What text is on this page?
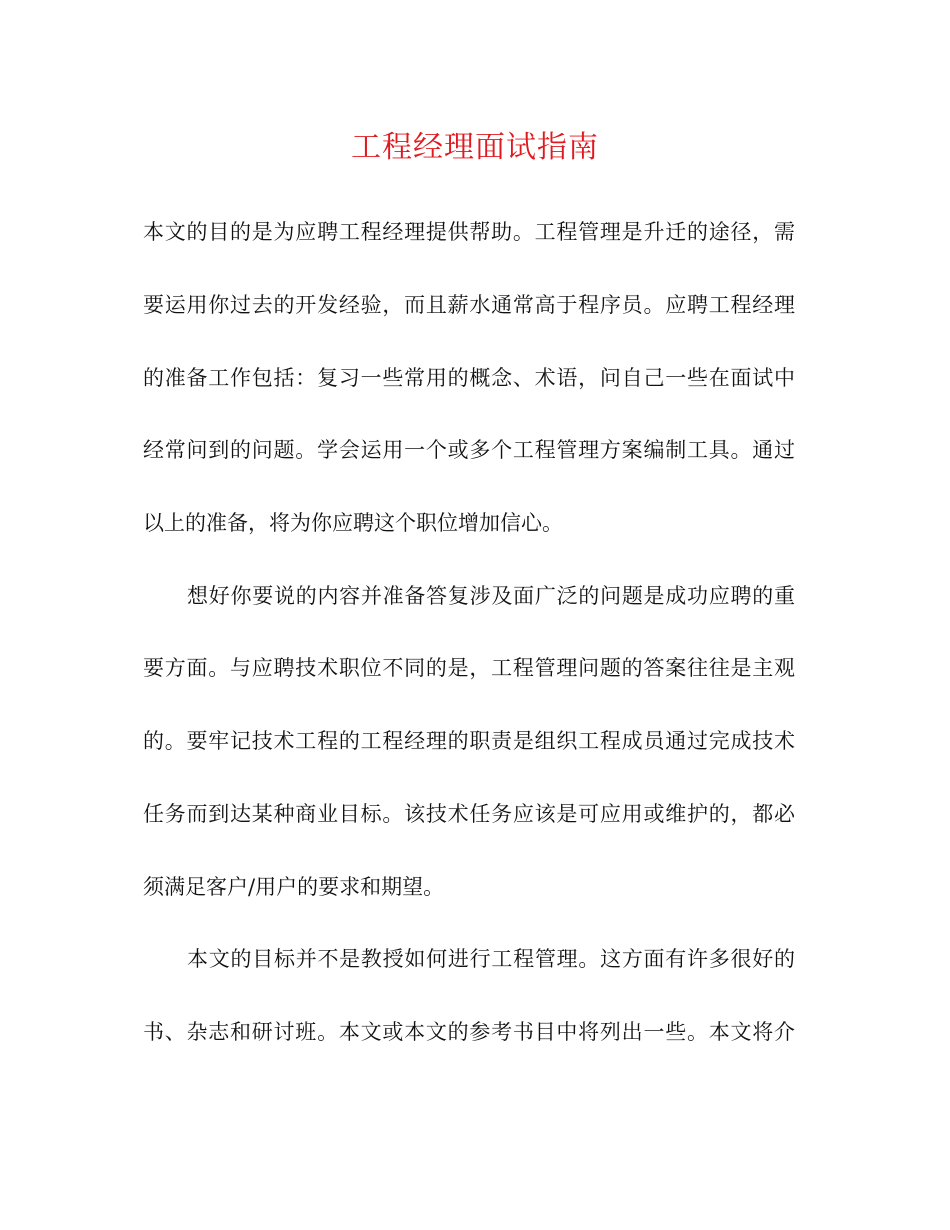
工程经理面试指南
本文的目的是为应聘工程经理提供帮助。工程管理是升迁的途径，需
要运用你过去的开发经验，而且薪水通常高于程序员。应聘工程经理
的准备工作包括：复习一些常用的概念、术语，问自己一些在面试中
经常问到的问题。学会运用一个或多个工程管理方案编制工具。通过
以上的准备，将为你应聘这个职位增加信心。
想好你要说的内容并准备答复涉及面广泛的问题是成功应聘的重
要方面。与应聘技术职位不同的是，工程管理问题的答案往往是主观
的。要牢记技术工程的工程经理的职责是组织工程成员通过完成技术
任务而到达某种商业目标。该技术任务应该是可应用或维护的，都必
须满足客户/用户的要求和期望。
本文的目标并不是教授如何进行工程管理。这方面有许多很好的
书、杂志和研讨班。本文或本文的参考书目中将列出一些。本文将介
